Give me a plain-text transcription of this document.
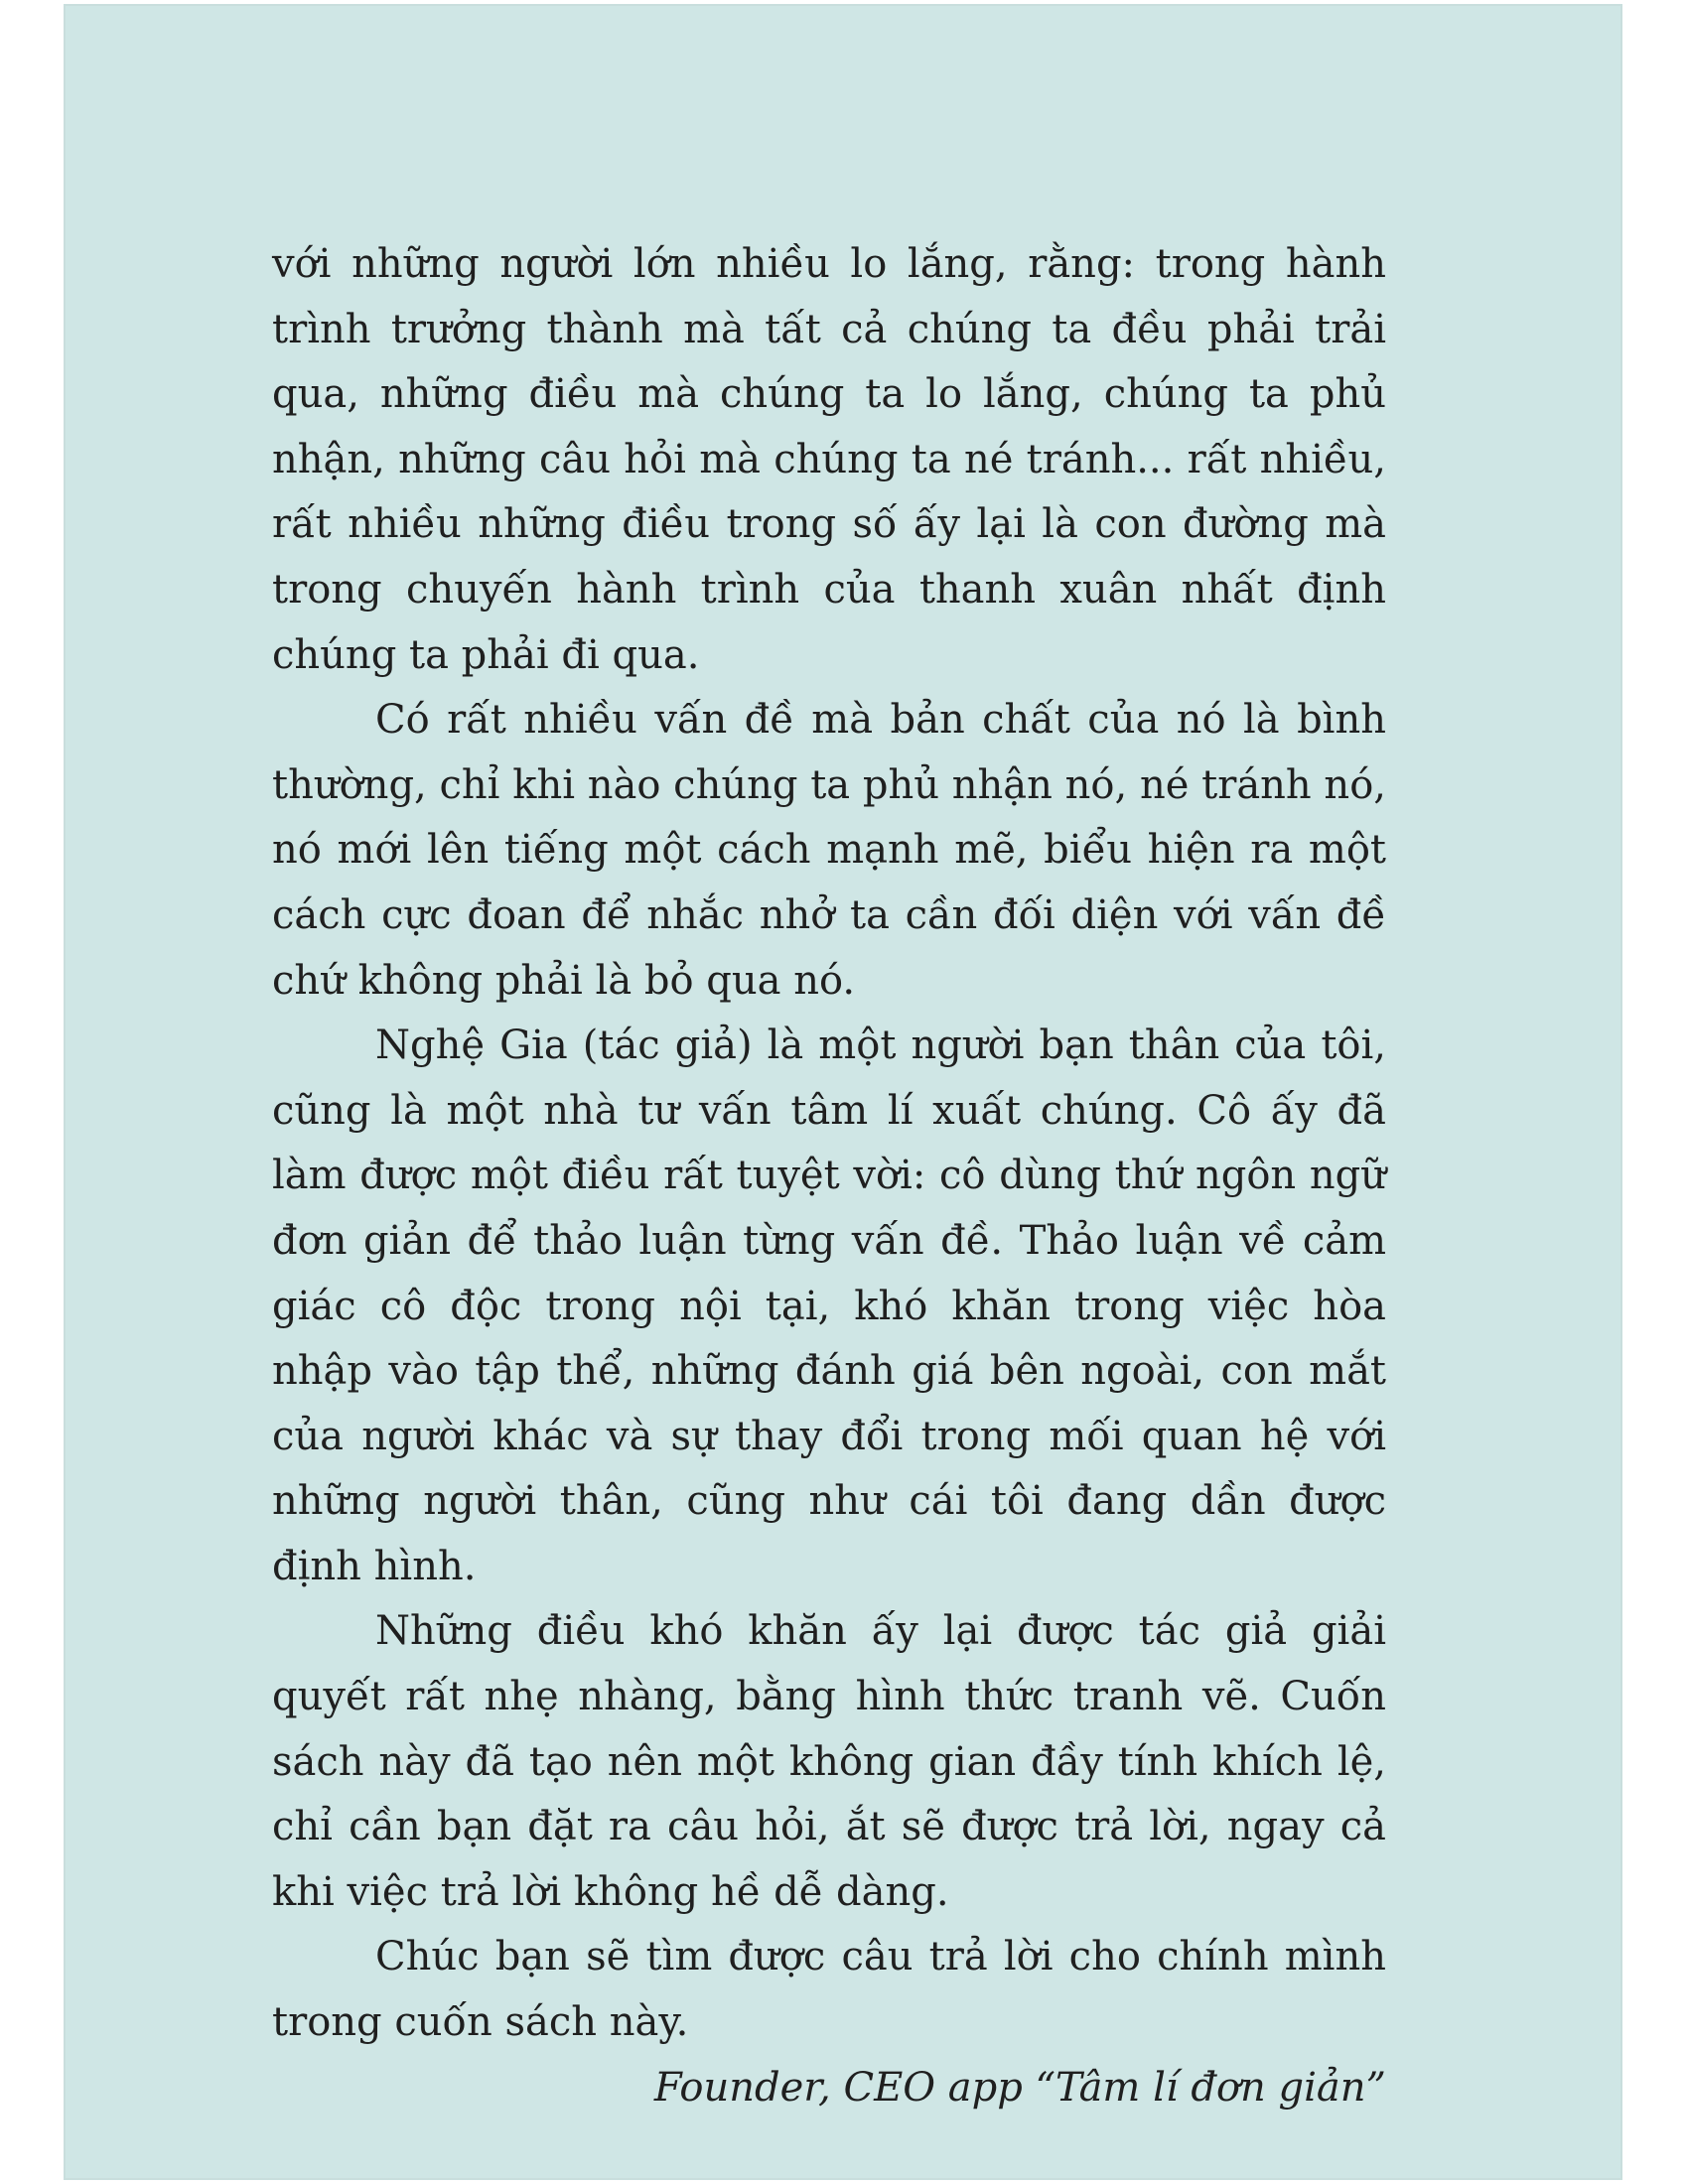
với những người lớn nhiều lo lắng, rằng: trong hành trình trưởng thành mà tất cả chúng ta đều phải trải qua, những điều mà chúng ta lo lắng, chúng ta phủ nhận, những câu hỏi mà chúng ta né tránh... rất nhiều, rất nhiều những điều trong số ấy lại là con đường mà trong chuyến hành trình của thanh xuân nhất định chúng ta phải đi qua.

Có rất nhiều vấn đề mà bản chất của nó là bình thường, chỉ khi nào chúng ta phủ nhận nó, né tránh nó, nó mới lên tiếng một cách mạnh mẽ, biểu hiện ra một cách cực đoan để nhắc nhở ta cần đối diện với vấn đề chứ không phải là bỏ qua nó.

Nghệ Gia (tác giả) là một người bạn thân của tôi, cũng là một nhà tư vấn tâm lí xuất chúng. Cô ấy đã làm được một điều rất tuyệt vời: cô dùng thứ ngôn ngữ đơn giản để thảo luận từng vấn đề. Thảo luận về cảm giác cô độc trong nội tại, khó khăn trong việc hòa nhập vào tập thể, những đánh giá bên ngoài, con mắt của người khác và sự thay đổi trong mối quan hệ với những người thân, cũng như cái tôi đang dần được định hình.

Những điều khó khăn ấy lại được tác giả giải quyết rất nhẹ nhàng, bằng hình thức tranh vẽ. Cuốn sách này đã tạo nên một không gian đầy tính khích lệ, chỉ cần bạn đặt ra câu hỏi, ắt sẽ được trả lời, ngay cả khi việc trả lời không hề dễ dàng.

Chúc bạn sẽ tìm được câu trả lời cho chính mình trong cuốn sách này.

Founder, CEO app “Tâm lí đơn giản”
